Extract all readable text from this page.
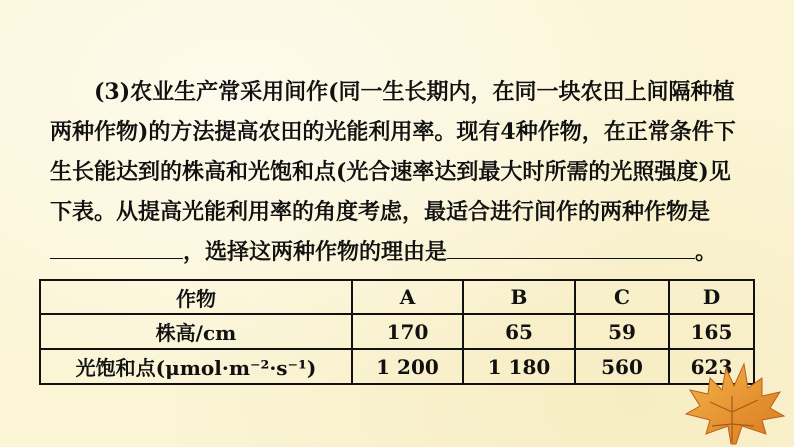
(3)农业生产常采用间作(同一生长期内，在同一块农田上间隔种植
两种作物)的方法提高农田的光能利用率。现有4种作物，在正常条件下
生长能达到的株高和光饱和点(光合速率达到最大时所需的光照强度)见
下表。从提高光能利用率的角度考虑，最适合进行间作的两种作物是
，选择这两种作物的理由是	。
作物	A	B	C	D
株高/cm	170	65	59	165
光饱和点(μmol·m⁻²·s⁻¹)	1 200	1 180	560	623
